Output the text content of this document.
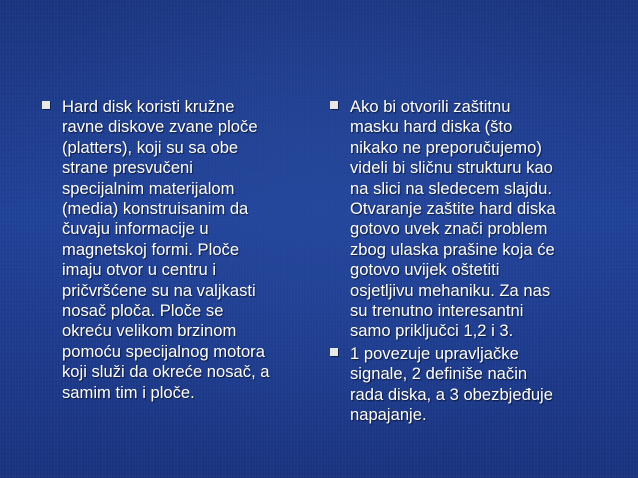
Hard disk koristi kružne
ravne diskove zvane ploče
(platters), koji su sa obe
strane presvučeni
specijalnim materijalom
(media) konstruisanim da
čuvaju informacije u
magnetskoj formi. Ploče
imaju otvor u centru i
pričvršćene su na valjkasti
nosač ploča. Ploče se
okreću velikom brzinom
pomoću specijalnog motora
koji služi da okreće nosač, a
samim tim i ploče.
Ako bi otvorili zaštitnu
masku hard diska (što
nikako ne preporučujemo)
videli bi sličnu strukturu kao
na slici na sledecem slajdu.
Otvaranje zaštite hard diska
gotovo uvek znači problem
zbog ulaska prašine koja će
gotovo uvijek oštetiti
osjetljivu mehaniku. Za nas
su trenutno interesantni
samo priključci 1,2 i 3.
1 povezuje upravljačke
signale, 2 definiše način
rada diska, a 3 obezbjeđuje
napajanje.
